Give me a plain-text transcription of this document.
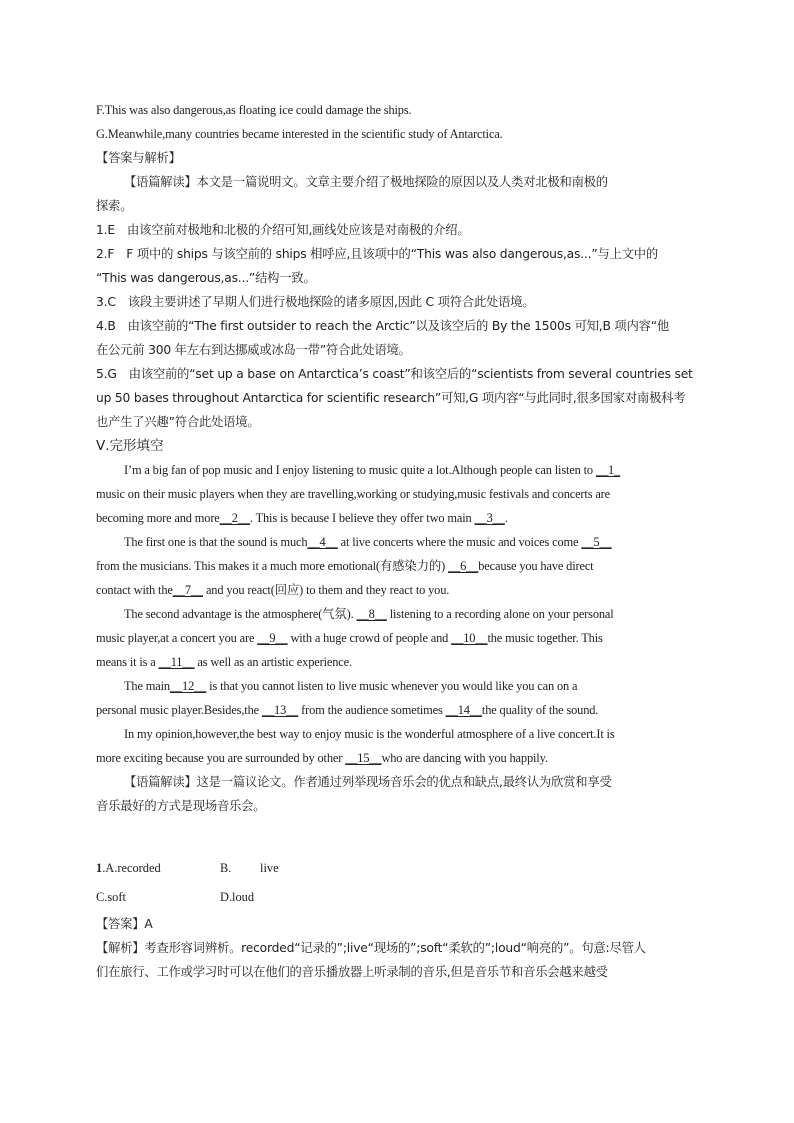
F.This was also dangerous,as floating ice could damage the ships.
G.Meanwhile,many countries became interested in the scientific study of Antarctica.
【答案与解析】
【语篇解读】本文是一篇说明文。文章主要介绍了极地探险的原因以及人类对北极和南极的
探索。
1.E　由该空前对极地和北极的介绍可知,画线处应该是对南极的介绍。
2.F　F 项中的 ships 与该空前的 ships 相呼应,且该项中的“This was also dangerous,as...”与上文中的
“This was dangerous,as...”结构一致。
3.C　该段主要讲述了早期人们进行极地探险的诸多原因,因此 C 项符合此处语境。
4.B　由该空前的“The first outsider to reach the Arctic”以及该空后的 By the 1500s 可知,B 项内容“他
在公元前 300 年左右到达挪威或冰岛一带”符合此处语境。
5.G　由该空前的“set up a base on Antarctica’s coast”和该空后的“scientists from several countries set
up 50 bases throughout Antarctica for scientific research”可知,G 项内容“与此同时,很多国家对南极科考
也产生了兴趣”符合此处语境。
Ⅴ.完形填空
I’m a big fan of pop music and I enjoy listening to music quite a lot.Although people can listen to __1_
music on their music players when they are travelling,working or studying,music festivals and concerts are
becoming more and more__2__. This is because I believe they offer two main __3__.
The first one is that the sound is much__4__ at live concerts where the music and voices come __5__
from the musicians. This makes it a much more emotional(有感染力的) __6__because you have direct
contact with the__7__ and you react(回应) to them and they react to you.
The second advantage is the atmosphere(气氛). __8__ listening to a recording alone on your personal
music player,at a concert you are __9__ with a huge crowd of people and __10__the music together. This
means it is a __11__ as well as an artistic experience.
The main__12__ is that you cannot listen to live music whenever you would like you can on a
personal music player.Besides,the __13__ from the audience sometimes __14__the quality of the sound.
In my opinion,however,the best way to enjoy music is the wonderful atmosphere of a live concert.It is
more exciting because you are surrounded by other __15__who are dancing with you happily.
【语篇解读】这是一篇议论文。作者通过列举现场音乐会的优点和缺点,最终认为欣赏和享受
音乐最好的方式是现场音乐会。
1.A.recorded	B.	live
C.soft	D.loud
【答案】A
【解析】考查形容词辨析。recorded“记录的”;live“现场的”;soft“柔软的”;loud“响亮的”。句意:尽管人
们在旅行、工作或学习时可以在他们的音乐播放器上听录制的音乐,但是音乐节和音乐会越来越受
